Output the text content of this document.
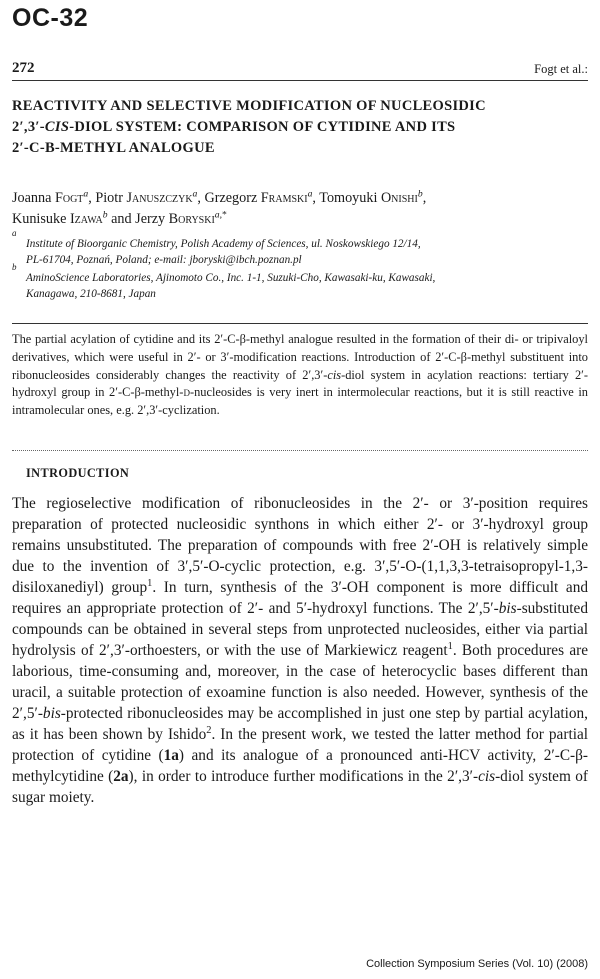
OC-32
272	Fogt et al.:
REACTIVITY AND SELECTIVE MODIFICATION OF NUCLEOSIDIC
2′,3′-CIS-DIOL SYSTEM: COMPARISON OF CYTIDINE AND ITS
2′-C-Β-METHYL ANALOGUE
Joanna Fogt$^a$, Piotr Januszczyk$^a$, Grzegorz Framski$^a$, Tomoyuki Onishi$^b$,
Kunisuke Izawa$^b$ and Jerzy Boryski$^{a,*}$
a
Institute of Bioorganic Chemistry, Polish Academy of Sciences, ul. Noskowskiego 12/14,
PL-61704, Poznań, Poland; e-mail: jboryski@ibch.poznan.pl
b
AminoScience Laboratories, Ajinomoto Co., Inc. 1-1, Suzuki-Cho, Kawasaki-ku, Kawasaki,
Kanagawa, 210-8681, Japan

The partial acylation of cytidine and its 2′-C-β-methyl analogue resulted in the formation of their di- or tripivaloyl derivatives, which were useful in 2′- or 3′-modification reactions. Introduction of 2′-C-β-methyl substituent into ribonucleosides considerably changes the reactivity of 2′,3′-cis-diol system in acylation reactions: tertiary 2′-hydroxyl group in 2′-C-β-methyl-d-nucleosides is very inert in intermolecular reactions, but it is still reactive in intramolecular ones, e.g. 2′,3′-cyclization.

INTRODUCTION

The regioselective modification of ribonucleosides in the 2′- or 3′-position requires preparation of protected nucleosidic synthons in which either 2′- or 3′-hydroxyl group remains unsubstituted. The preparation of compounds with free 2′-OH is relatively simple due to the invention of 3′,5′-O-cyclic protection, e.g. 3′,5′-O-(1,1,3,3-tetraisopropyl-1,3-disiloxanediyl) group$^1$. In turn, synthesis of the 3′-OH component is more difficult and requires an appropriate protection of 2′- and 5′-hydroxyl functions. The 2′,5′-bis-substituted compounds can be obtained in several steps from unprotected nucleosides, either via partial hydrolysis of 2′,3′-orthoesters, or with the use of Markiewicz reagent$^1$. Both procedures are laborious, time-consuming and, moreover, in the case of heterocyclic bases different than uracil, a suitable protection of exoamine function is also needed. However, synthesis of the 2′,5′-bis-protected ribonucleosides may be accomplished in just one step by partial acylation, as it has been shown by Ishido$^2$. In the present work, we tested the latter method for partial protection of cytidine (1a) and its analogue of a pronounced anti-HCV activity, 2′-C-β-methylcytidine (2a), in order to introduce further modifications in the 2′,3′-cis-diol system of sugar moiety.

Collection Symposium Series (Vol. 10) (2008)
